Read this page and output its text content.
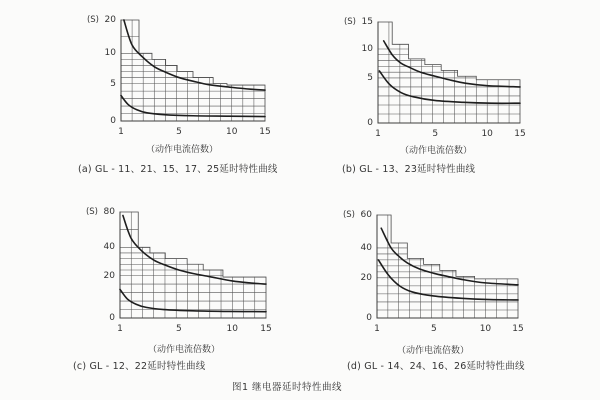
(S)	(S)
(S)	(S)
（动作电流倍数）	（动作电流倍数）
（动作电流倍数）	（动作电流倍数）
(a) GL - 11、21、15、17、25延时特性曲线	(b) GL - 13、23延时特性曲线
(c) GL - 12、22延时特性曲线	(d) GL - 14、24、16、26延时特性曲线
图1 继电器延时特性曲线
20
10
5
0
1	5	10	15
15
10
5
0
1	5	10	15
80
40
20
0
1	5	10	15
60
40
20
0
1	5	10	15
